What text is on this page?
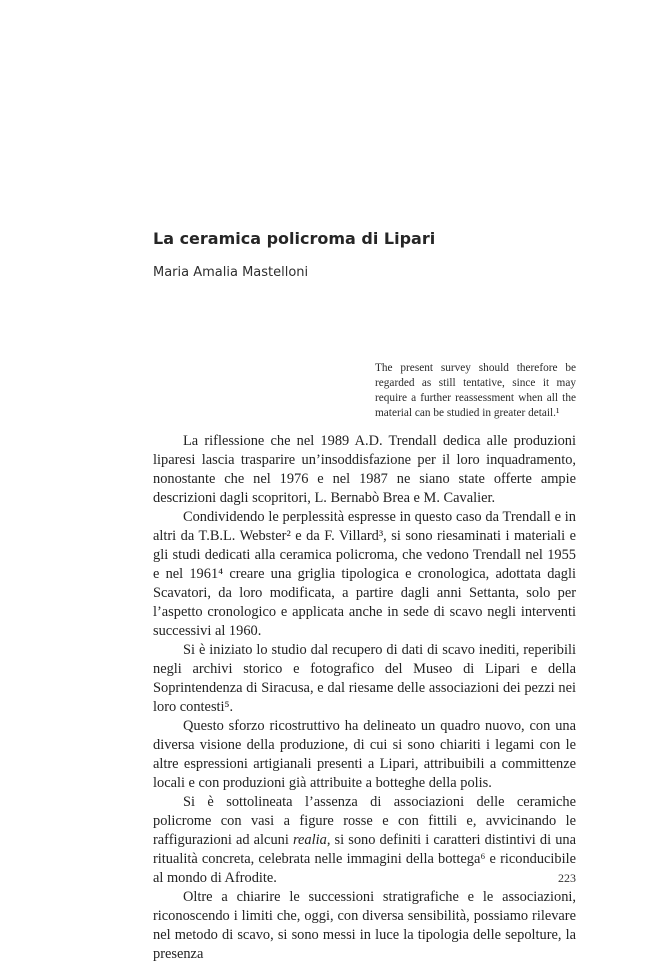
La ceramica policroma di Lipari
Maria Amalia Mastelloni

The present survey should therefore be regarded as still tentative, since it may require a further reassessment when all the material can be studied in greater detail.¹

La riflessione che nel 1989 A.D. Trendall dedica alle produzioni liparesi lascia trasparire un’insoddisfazione per il loro inquadramento, nonostante che nel 1976 e nel 1987 ne siano state offerte ampie descrizioni dagli scopritori, L. Bernabò Brea e M. Cavalier.

Condividendo le perplessità espresse in questo caso da Trendall e in altri da T.B.L. Webster² e da F. Villard³, si sono riesaminati i materiali e gli studi dedicati alla ceramica policroma, che vedono Trendall nel 1955 e nel 1961⁴ creare una griglia tipologica e cronologica, adottata dagli Scavatori, da loro modificata, a partire dagli anni Settanta, solo per l’aspetto cronologico e applicata anche in sede di scavo negli interventi successivi al 1960.

Si è iniziato lo studio dal recupero di dati di scavo inediti, reperibili negli archivi storico e fotografico del Museo di Lipari e della Soprintendenza di Siracusa, e dal riesame delle associazioni dei pezzi nei loro contesti⁵.

Questo sforzo ricostruttivo ha delineato un quadro nuovo, con una diversa visione della produzione, di cui si sono chiariti i legami con le altre espressioni artigianali presenti a Lipari, attribuibili a committenze locali e con produzioni già attribuite a botteghe della polis.

Si è sottolineata l’assenza di associazioni delle ceramiche policrome con vasi a figure rosse e con fittili e, avvicinando le raffigurazioni ad alcuni realia, si sono definiti i caratteri distintivi di una ritualità concreta, celebrata nelle immagini della bottega⁶ e riconducibile al mondo di Afrodite.

Oltre a chiarire le successioni stratigrafiche e le associazioni, riconoscendo i limiti che, oggi, con diversa sensibilità, possiamo rilevare nel metodo di scavo, si sono messi in luce la tipologia delle sepolture, la presenza

223
